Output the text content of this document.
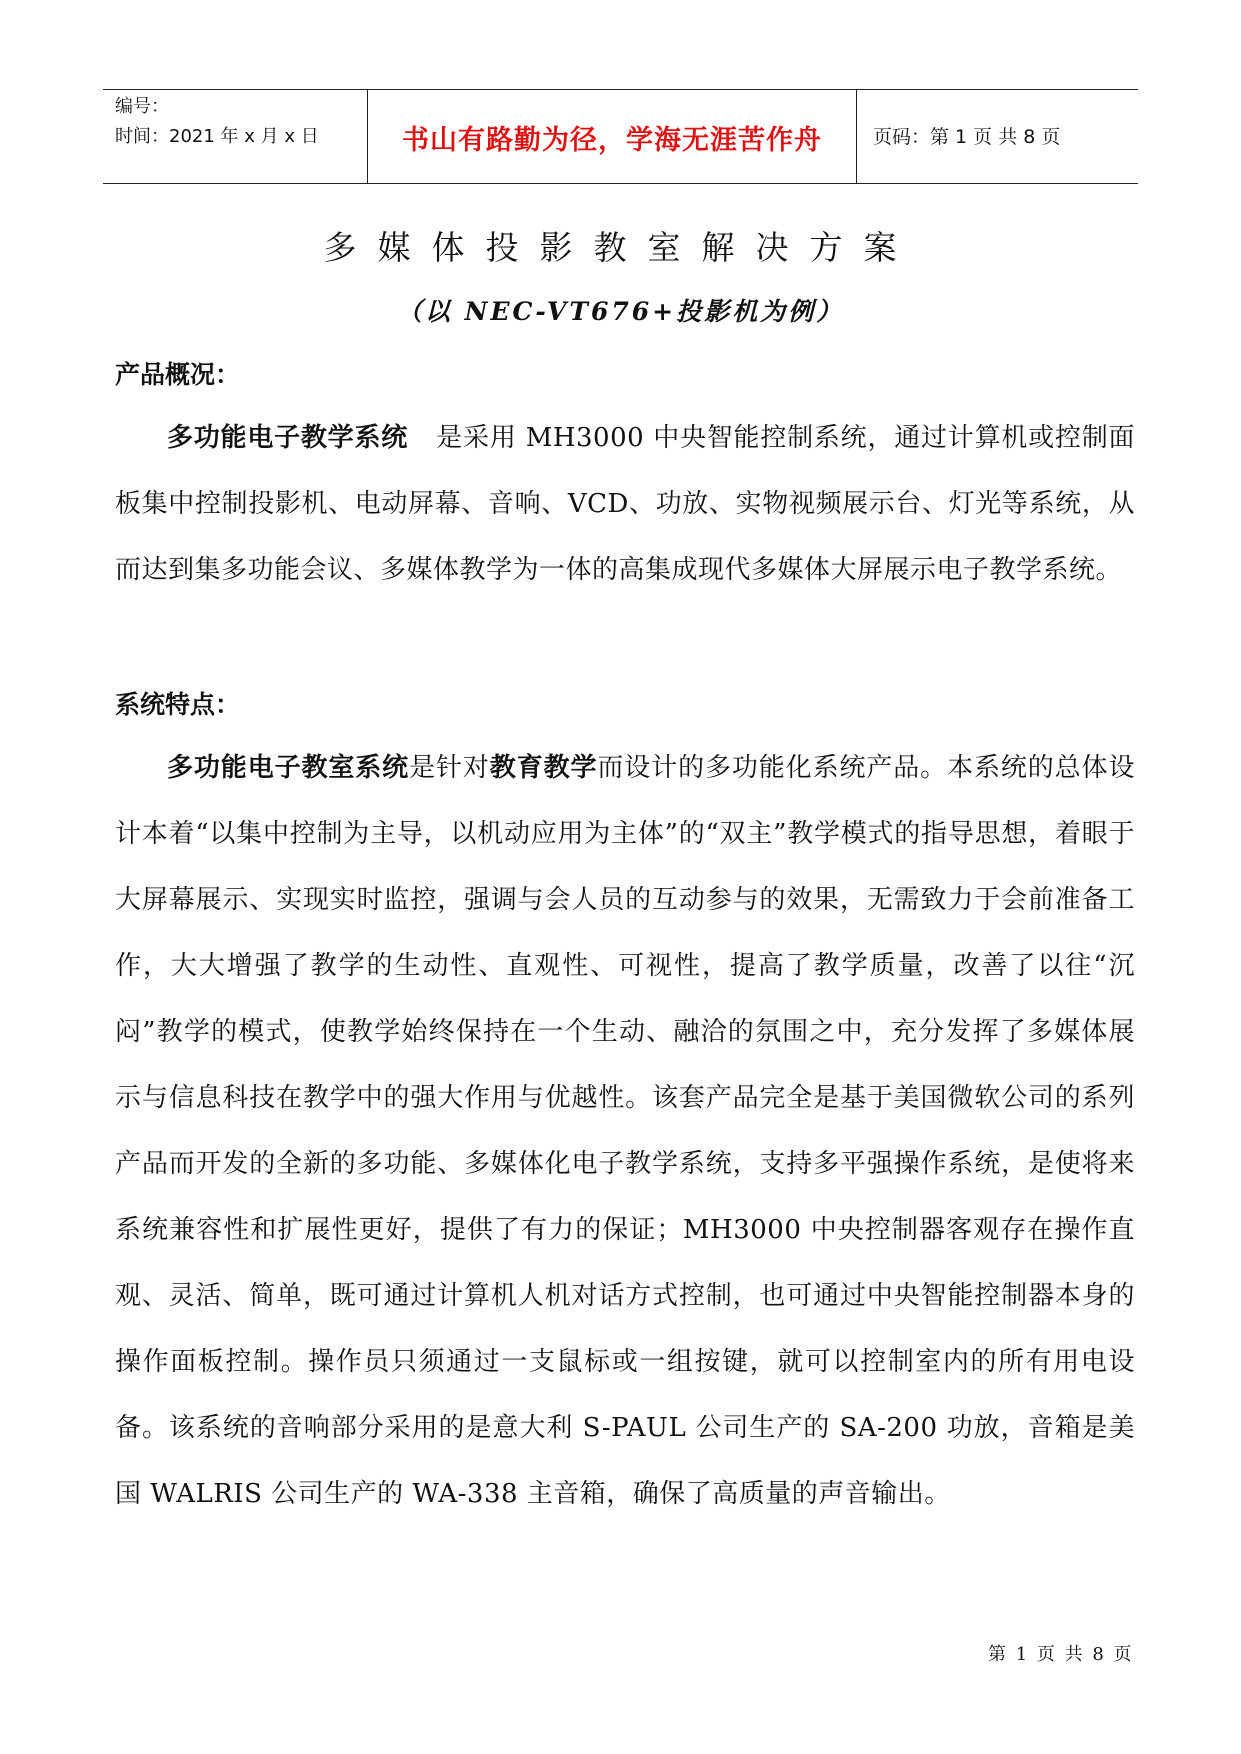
编号：
时间：2021 年 x 月 x 日	书山有路勤为径，学海无涯苦作舟	页码：第 1 页 共 8 页
多媒体投影教室解决方案
（以 NEC-VT676+投影机为例）
产品概况：
多功能电子教学系统 是采用 MH3000 中央智能控制系统，通过计算机或控制面板集中控制投影机、电动屏幕、音响、VCD、功放、实物视频展示台、灯光等系统，从而达到集多功能会议、多媒体教学为一体的高集成现代多媒体大屏展示电子教学系统。
系统特点：
多功能电子教室系统是针对教育教学而设计的多功能化系统产品。本系统的总体设计本着“以集中控制为主导，以机动应用为主体”的“双主”教学模式的指导思想，着眼于大屏幕展示、实现实时监控，强调与会人员的互动参与的效果，无需致力于会前准备工作，大大增强了教学的生动性、直观性、可视性，提高了教学质量，改善了以往“沉闷”教学的模式，使教学始终保持在一个生动、融洽的氛围之中，充分发挥了多媒体展示与信息科技在教学中的强大作用与优越性。该套产品完全是基于美国微软公司的系列产品而开发的全新的多功能、多媒体化电子教学系统，支持多平强操作系统，是使将来系统兼容性和扩展性更好，提供了有力的保证；MH3000 中央控制器客观存在操作直观、灵活、简单，既可通过计算机人机对话方式控制，也可通过中央智能控制器本身的操作面板控制。操作员只须通过一支鼠标或一组按键，就可以控制室内的所有用电设备。该系统的音响部分采用的是意大利 S-PAUL 公司生产的 SA-200 功放，音箱是美国 WALRIS 公司生产的 WA-338 主音箱，确保了高质量的声音输出。
第 1 页 共 8 页
